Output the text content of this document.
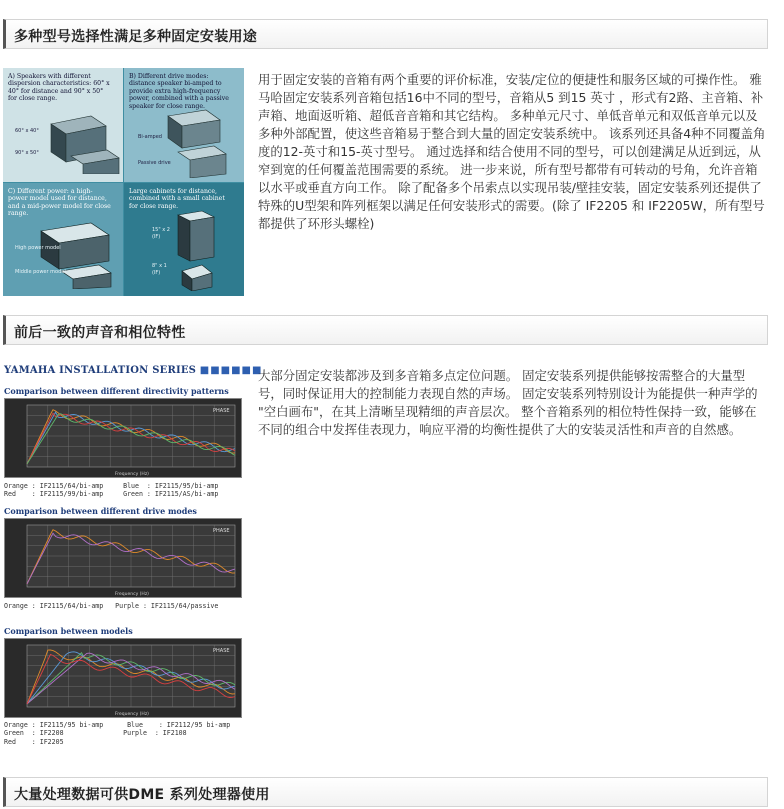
多种型号选择性满足多种固定安装用途
A) Speakers with different dispersion characteristics: 60° x 40° for distance and 90° x 50° for close range.
60° x 40°
90° x 50°
B) Different drive modes: distance speaker bi-amped to provide extra high-frequency power, combined with a passive speaker for close range.
Bi-amped
Passive drive
C) Different power: a high-power model used for distance, and a mid-power model for close range.
High power model
Middle power model
Large cabinets for distance, combined with a small cabinet for close range.
15" x 2
(IF)
8" x 1
(IF)
用于固定安装的音箱有两个重要的评价标准，安装/定位的便捷性和服务区域的可操作性。 雅马哈固定安装系列音箱包括16中不同的型号，音箱从5 到15 英寸 ，形式有2路、主音箱、补声箱、地面返听箱、超低音音箱和其它结构。 多种单元尺寸、单低音单元和双低音单元以及多种外部配置，使这些音箱易于整合到大量的固定安装系统中。 该系列还具备4种不同覆盖角度的12-英寸和15-英寸型号。 通过选择和结合使用不同的型号，可以创建满足从近到远，从窄到宽的任何覆盖范围需要的系统。 进一步来说，所有型号都带有可转动的号角，允许音箱以水平或垂直方向工作。 除了配备多个吊索点以实现吊装/壁挂安装，固定安装系列还提供了特殊的U型架和阵列框架以满足任何安装形式的需要。(除了 IF2205 和 IF2205W，所有型号都提供了环形头螺栓)
前后一致的声音和相位特性
YAMAHA INSTALLATION SERIES ■■■■■■
Comparison between different directivity patterns
PHASE
Frequency (Hz)
Orange : IF2115/64/bi-amp     Blue  : IF2115/95/bi-amp
Red    : IF2115/99/bi-amp     Green : IF2115/AS/bi-amp
Comparison between different drive modes
PHASE
Frequency (Hz)
Orange : IF2115/64/bi-amp   Purple : IF2115/64/passive
Comparison between models
PHASE
Frequency (Hz)
Orange : IF2115/95 bi-amp      Blue    : IF2112/95 bi-amp
Green  : IF2208               Purple  : IF2108
Red    : IF2205
大部分固定安装都涉及到多音箱多点定位问题。 固定安装系列提供能够按需整合的大量型号，同时保证用大的控制能力表现自然的声场。 固定安装系列特别设计为能提供一种声学的 "空白画布"，在其上清晰呈现精细的声音层次。 整个音箱系列的相位特性保持一致，能够在不同的组合中发挥佳表现力，响应平滑的均衡性提供了大的安装灵活性和声音的自然感。
大量处理数据可供DME 系列处理器使用
